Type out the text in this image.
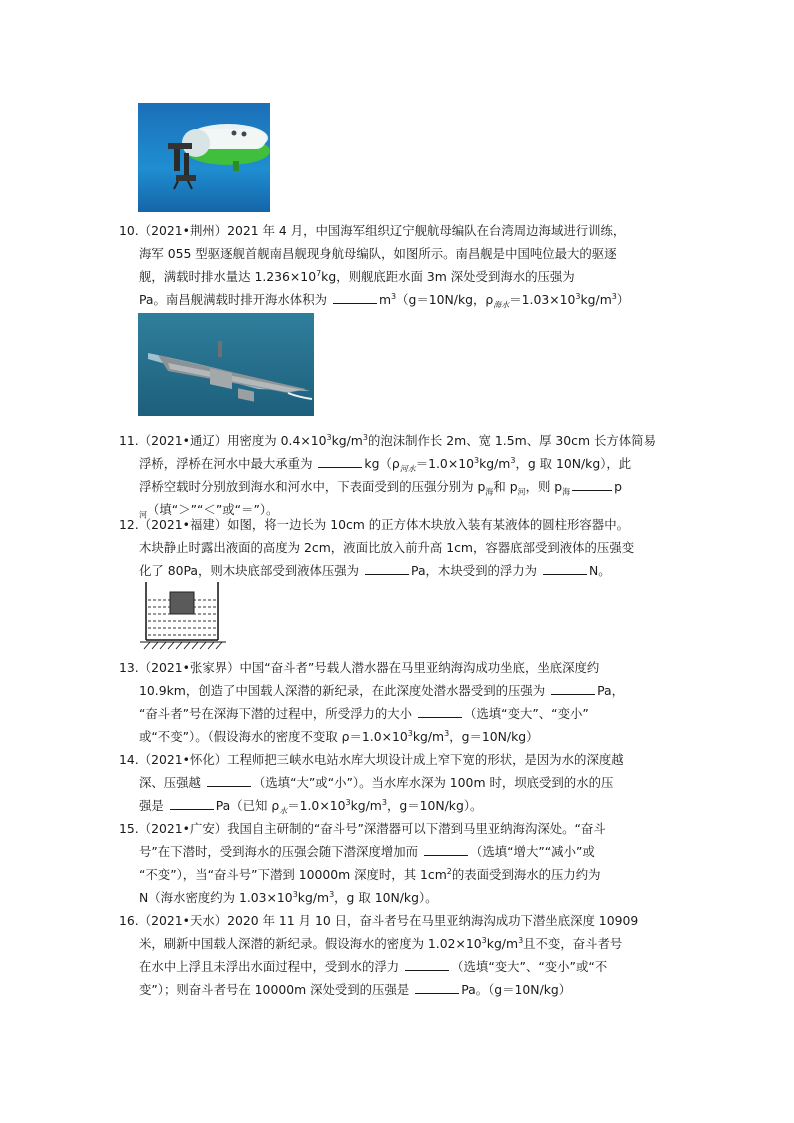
10.（2021•荆州）2021 年 4 月，中国海军组织辽宁舰航母编队在台湾周边海域进行训练，
海军 055 型驱逐舰首舰南昌舰现身航母编队，如图所示。南昌舰是中国吨位最大的驱逐
舰，满载时排水量达 $1.236\times 10^7kg$，则舰底距水面 3m 深处受到海水的压强为
Pa。南昌舰满载时排开海水体积为	$m^3(g=10N/kg$，$\rho_{海水}=1.03\times 10^3kg/m^3$）
11.（2021•通辽）用密度为 $0.4\times 10^3kg/m^3$的泡沫制作长 2m、宽 1.5m、厚 30cm 长方体简易
浮桥，浮桥在河水中最大承重为	$kg(\rho_{河水}=1.0\times 10^3kg/m^3$，g 取 10N/kg），此
浮桥空载时分别放到海水和河水中，下表面受到的压强分别为 $p_海$和 $p_河$，则 $p_海$	p
$_河$（填“＞”“＜”或“＝”）。
12.（2021•福建）如图，将一边长为 10cm 的正方体木块放入装有某液体的圆柱形容器中。
木块静止时露出液面的高度为 2cm，液面比放入前升高 1cm，容器底部受到液体的压强变
化了 80Pa，则木块底部受到液体压强为	Pa，木块受到的浮力为	N。
13.（2021•张家界）中国“奋斗者”号载人潜水器在马里亚纳海沟成功坐底，坐底深度约
10.9km，创造了中国载人深潜的新纪录，在此深度处潜水器受到的压强为	Pa，
“奋斗者”号在深海下潜的过程中，所受浮力的大小	（选填“变大”、“变小”
或“不变”）。（假设海水的密度不变取 $\rho=1.0\times 10^3kg/m^3$，g＝10N/kg）
14.（2021•怀化）工程师把三峡水电站水库大坝设计成上窄下宽的形状，是因为水的深度越
深、压强越	（选填“大”或“小”）。当水库水深为 100m 时，坝底受到的水的压
强是	Pa（已知 $\rho_水=1.0\times 10^3kg/m^3$，g＝10N/kg）。
15.（2021•广安）我国自主研制的“奋斗号”深潜器可以下潜到马里亚纳海沟深处。“奋斗
号”在下潜时，受到海水的压强会随下潜深度增加而	（选填“增大”“减小”或
“不变”），当“奋斗号”下潜到 10000m 深度时，其 $1cm^2$的表面受到海水的压力约为
N（海水密度约为 $1.03\times 10^3kg/m^3$，g 取 10N/kg）。
16.（2021•天水）2020 年 11 月 10 日，奋斗者号在马里亚纳海沟成功下潜坐底深度 10909
米，刷新中国载人深潜的新纪录。假设海水的密度为 $1.02\times 10^3kg/m^3$且不变，奋斗者号
在水中上浮且未浮出水面过程中，受到水的浮力	（选填“变大”、“变小”或“不
变”）；则奋斗者号在 10000m 深处受到的压强是	Pa。（g＝10N/kg）
